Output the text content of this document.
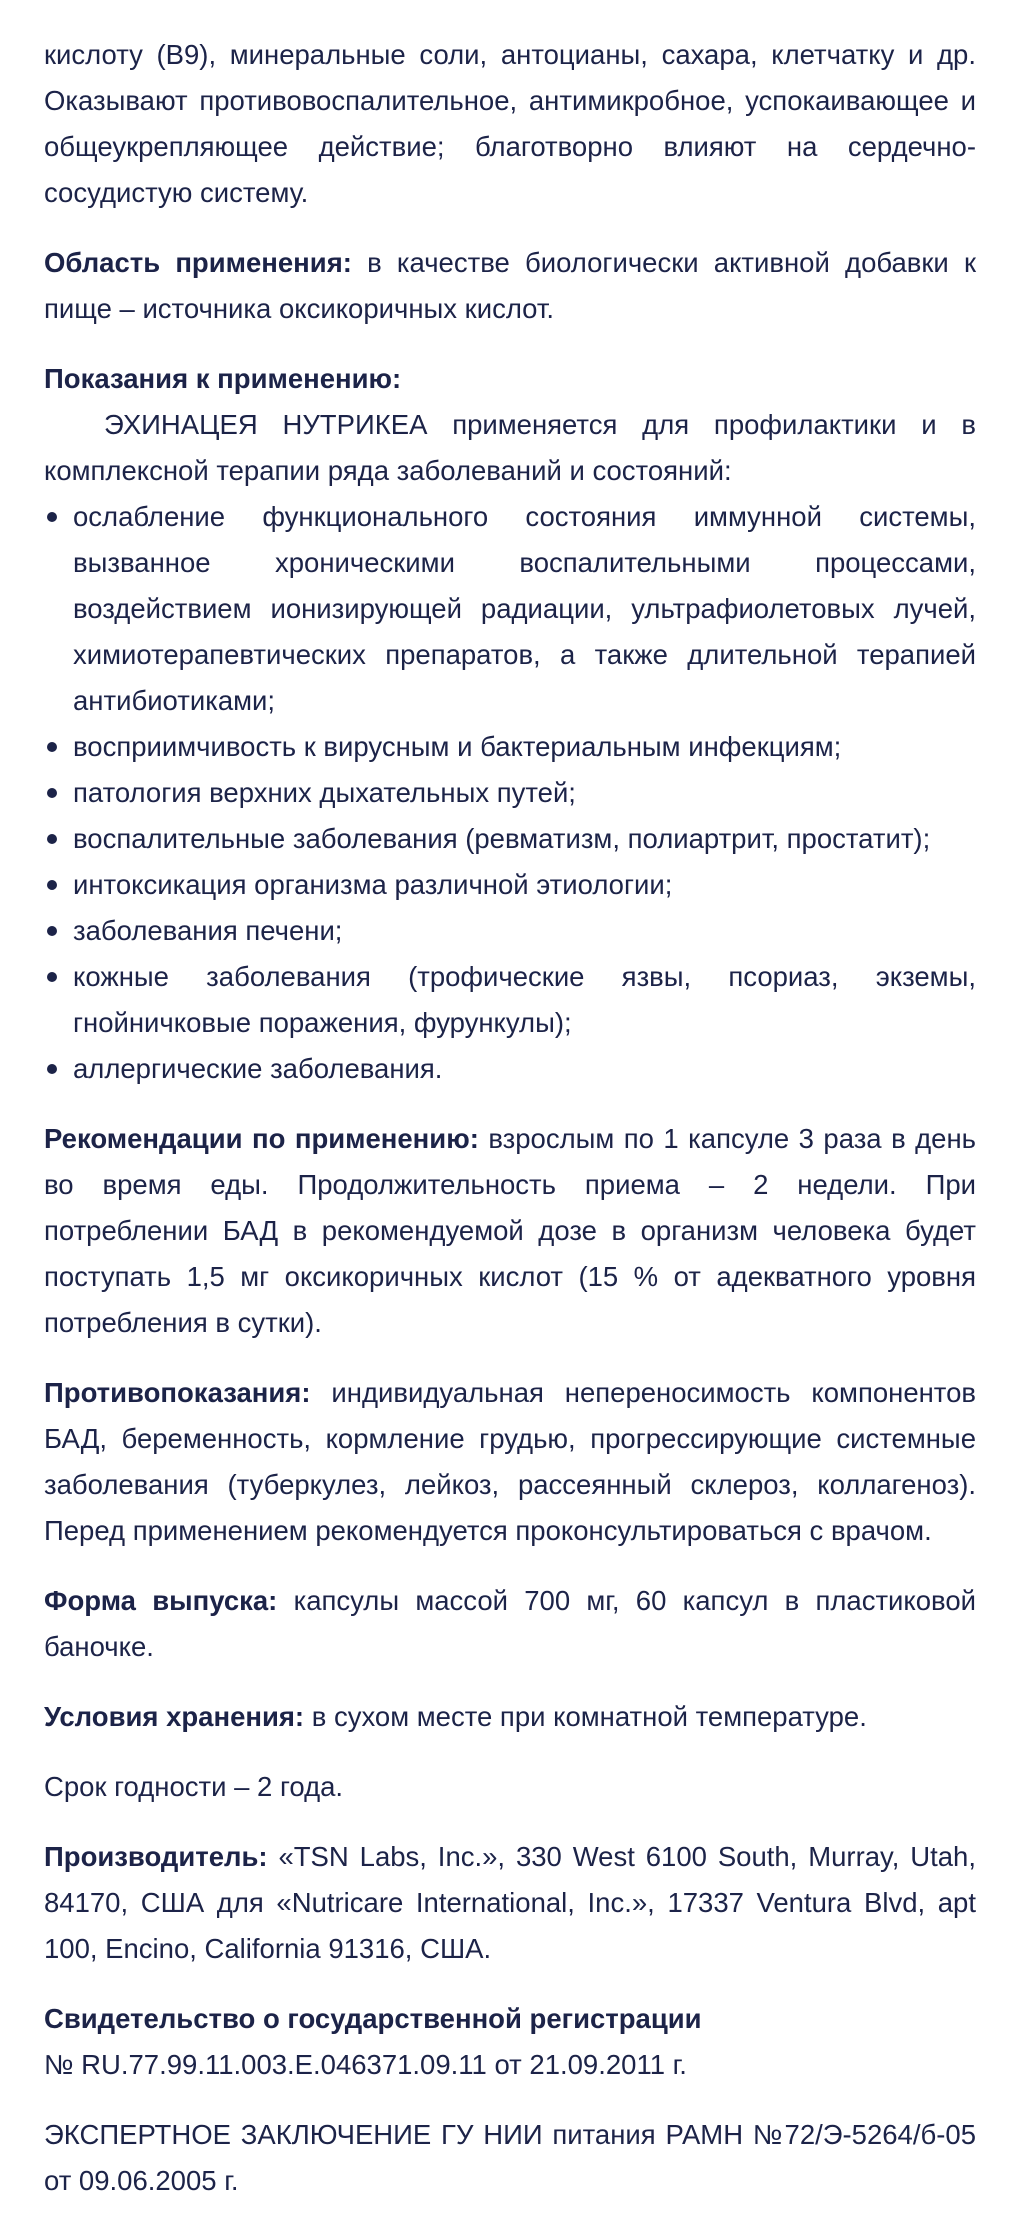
кислоту (В9), минеральные соли, антоцианы, сахара, клетчатку и др. Оказывают противовоспалительное, антимикробное, успокаивающее и общеукрепляющее действие; благотворно влияют на сердечно-сосудистую систему.

Область применения: в качестве биологически активной добавки к пище – источника оксикоричных кислот.

Показания к применению:

ЭХИНАЦЕЯ НУТРИКЕА применяется для профилактики и в комплексной терапии ряда заболеваний и состояний:

ослабление функционального состояния иммунной системы, вызванное хроническими воспалительными процессами, воздействием ионизирующей радиации, ультрафиолетовых лучей, химиотерапевтических препаратов, а также длительной терапией антибиотиками;
восприимчивость к вирусным и бактериальным инфекциям;
патология верхних дыхательных путей;
воспалительные заболевания (ревматизм, полиартрит, простатит);
интоксикация организма различной этиологии;
заболевания печени;
кожные заболевания (трофические язвы, псориаз, экземы, гнойничковые поражения, фурункулы);
аллергические заболевания.

Рекомендации по применению: взрослым по 1 капсуле 3 раза в день во время еды. Продолжительность приема – 2 недели. При потреблении БАД в рекомендуемой дозе в организм человека будет поступать 1,5 мг оксикоричных кислот (15 % от адекватного уровня потребления в сутки).

Противопоказания: индивидуальная непереносимость компонентов БАД, беременность, кормление грудью, прогрессирующие системные заболевания (туберкулез, лейкоз, рассеянный склероз, коллагеноз). Перед применением рекомендуется проконсультироваться с врачом.

Форма выпуска: капсулы массой 700 мг, 60 капсул в пластиковой баночке.

Условия хранения: в сухом месте при комнатной температуре.

Срок годности – 2 года.

Производитель: «TSN Labs, Inc.», 330 West 6100 South, Murray, Utah, 84170, США для «Nutricare International, Inc.», 17337 Ventura Blvd, apt 100, Encino, California 91316, США.

Свидетельство о государственной регистрации

№ RU.77.99.11.003.Е.046371.09.11 от 21.09.2011 г.

ЭКСПЕРТНОЕ ЗАКЛЮЧЕНИЕ ГУ НИИ питания РАМН №72/Э-5264/б-05 от 09.06.2005 г.
